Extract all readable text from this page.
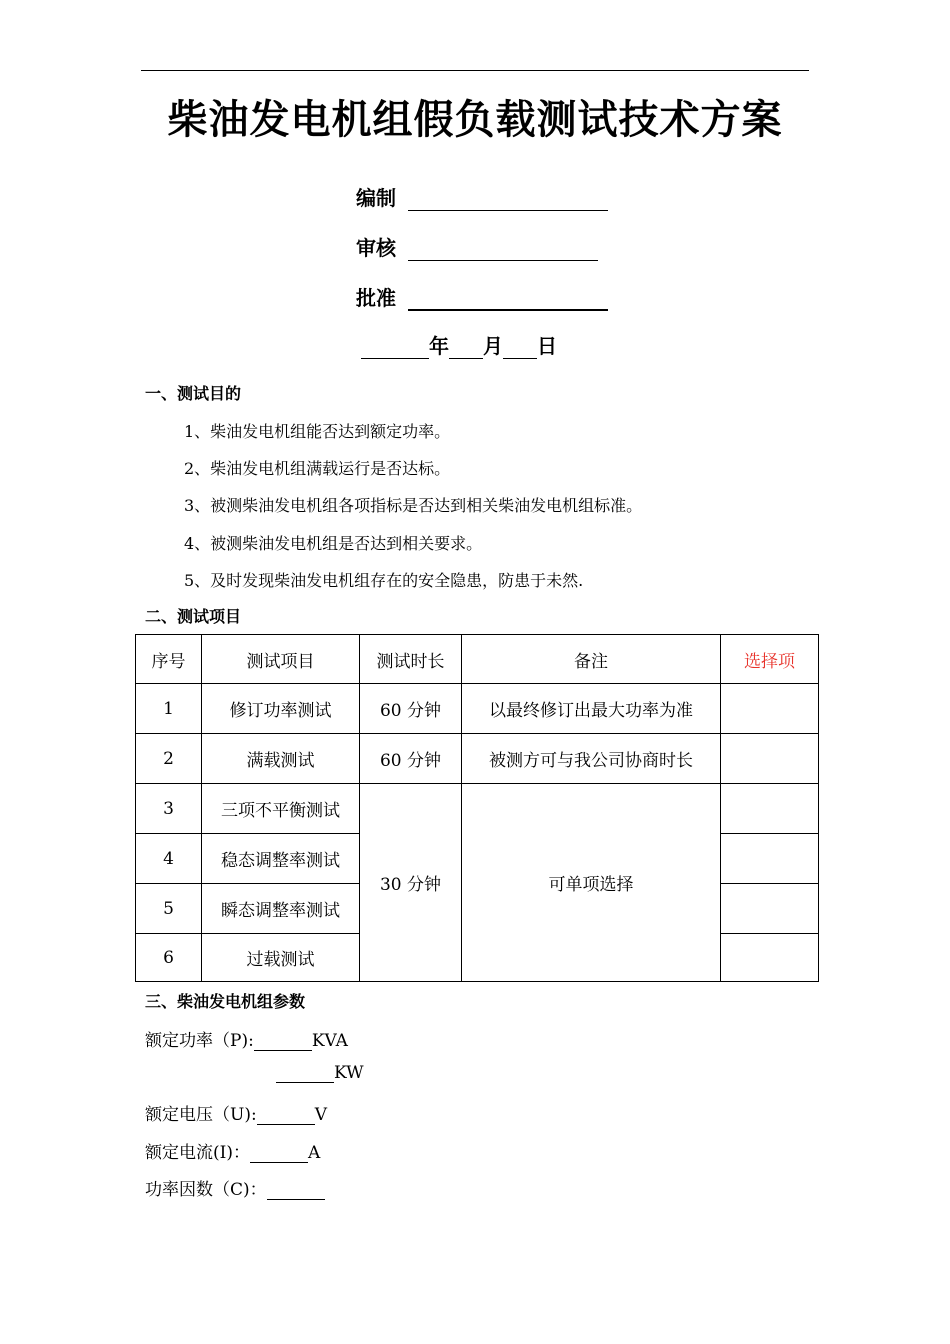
柴油发电机组假负载测试技术方案
编制
审核
批准
年 月 日
一、测试目的
1、柴油发电机组能否达到额定功率。
2、柴油发电机组满载运行是否达标。
3、被测柴油发电机组各项指标是否达到相关柴油发电机组标准。
4、被测柴油发电机组是否达到相关要求。
5、及时发现柴油发电机组存在的安全隐患，防患于未然.
二、测试项目
序号	测试项目	测试时长	备注	选择项
1	修订功率测试	60 分钟	以最终修订出最大功率为准	
2	满载测试	60 分钟	被测方可与我公司协商时长	
3	三项不平衡测试	30 分钟	可单项选择	
4	稳态调整率测试			
5	瞬态调整率测试			
6	过载测试			
三、柴油发电机组参数
额定功率（P):	KVA
KW
额定电压（U):	V
额定电流(I)：	A
功率因数（C)：
